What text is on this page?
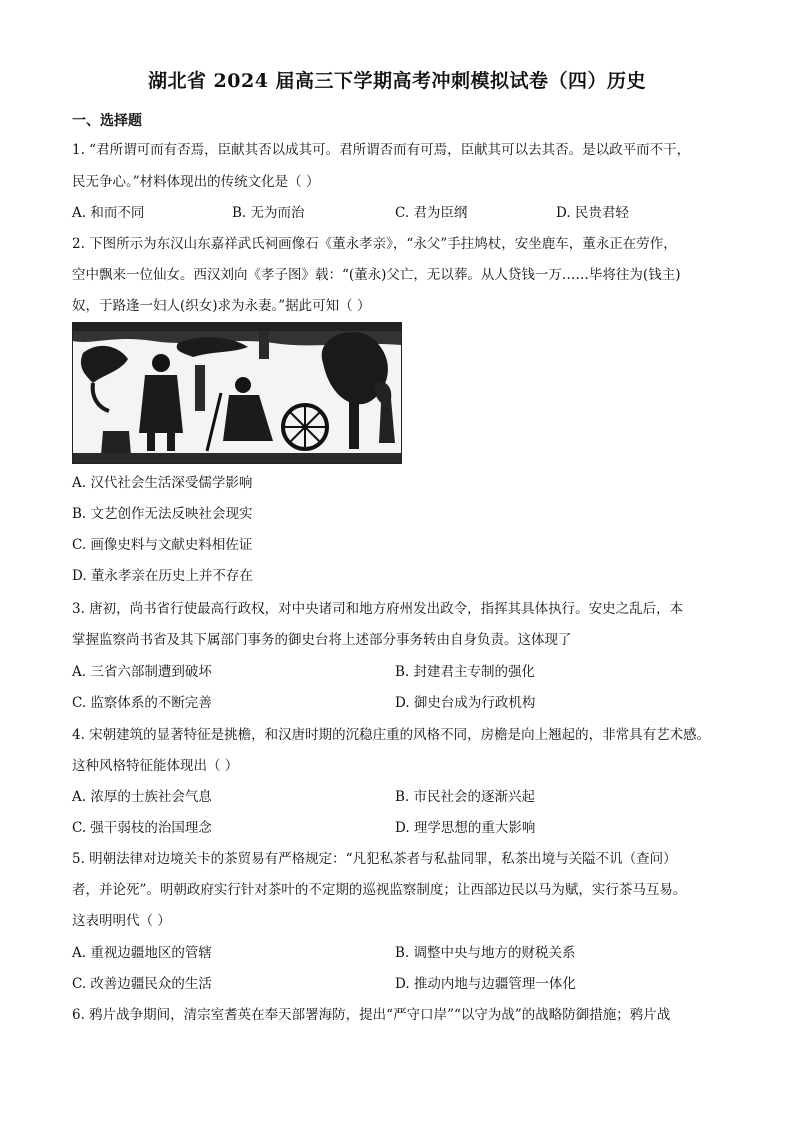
湖北省 2024 届高三下学期高考冲刺模拟试卷（四）历史
一、选择题
1. “君所谓可而有否焉，臣献其否以成其可。君所谓否而有可焉，臣献其可以去其否。是以政平而不干，
民无争心。”材料体现出的传统文化是（ ）
A. 和而不同	B. 无为而治	C. 君为臣纲	D. 民贵君轻
2. 下图所示为东汉山东嘉祥武氏祠画像石《董永孝亲》，“永父”手拄鸠杖，安坐鹿车，董永正在劳作，
空中飘来一位仙女。西汉刘向《孝子图》载：“(董永)父亡，无以葬。从人贷钱一万……毕将往为(钱主)
奴，于路逢一妇人(织女)求为永妻。”据此可知（ ）
A. 汉代社会生活深受儒学影响
B. 文艺创作无法反映社会现实
C. 画像史料与文献史料相佐证
D. 董永孝亲在历史上并不存在
3. 唐初，尚书省行使最高行政权，对中央诸司和地方府州发出政令，指挥其具体执行。安史之乱后，本
掌握监察尚书省及其下属部门事务的御史台将上述部分事务转由自身负责。这体现了
A. 三省六部制遭到破坏	B. 封建君主专制的强化
C. 监察体系的不断完善	D. 御史台成为行政机构
4. 宋朝建筑的显著特征是挑檐，和汉唐时期的沉稳庄重的风格不同，房檐是向上翘起的，非常具有艺术感。
这种风格特征能体现出（ ）
A. 浓厚的士族社会气息	B. 市民社会的逐渐兴起
C. 强干弱枝的治国理念	D. 理学思想的重大影响
5. 明朝法律对边境关卡的茶贸易有严格规定：“凡犯私茶者与私盐同罪，私茶出境与关隘不讥（查问）
者，并论死”。明朝政府实行针对茶叶的不定期的巡视监察制度；让西部边民以马为赋，实行茶马互易。
这表明明代（ ）
A. 重视边疆地区的管辖	B. 调整中央与地方的财税关系
C. 改善边疆民众的生活	D. 推动内地与边疆管理一体化
6. 鸦片战争期间，清宗室耆英在奉天部署海防，提出“严守口岸”“以守为战”的战略防御措施；鸦片战
